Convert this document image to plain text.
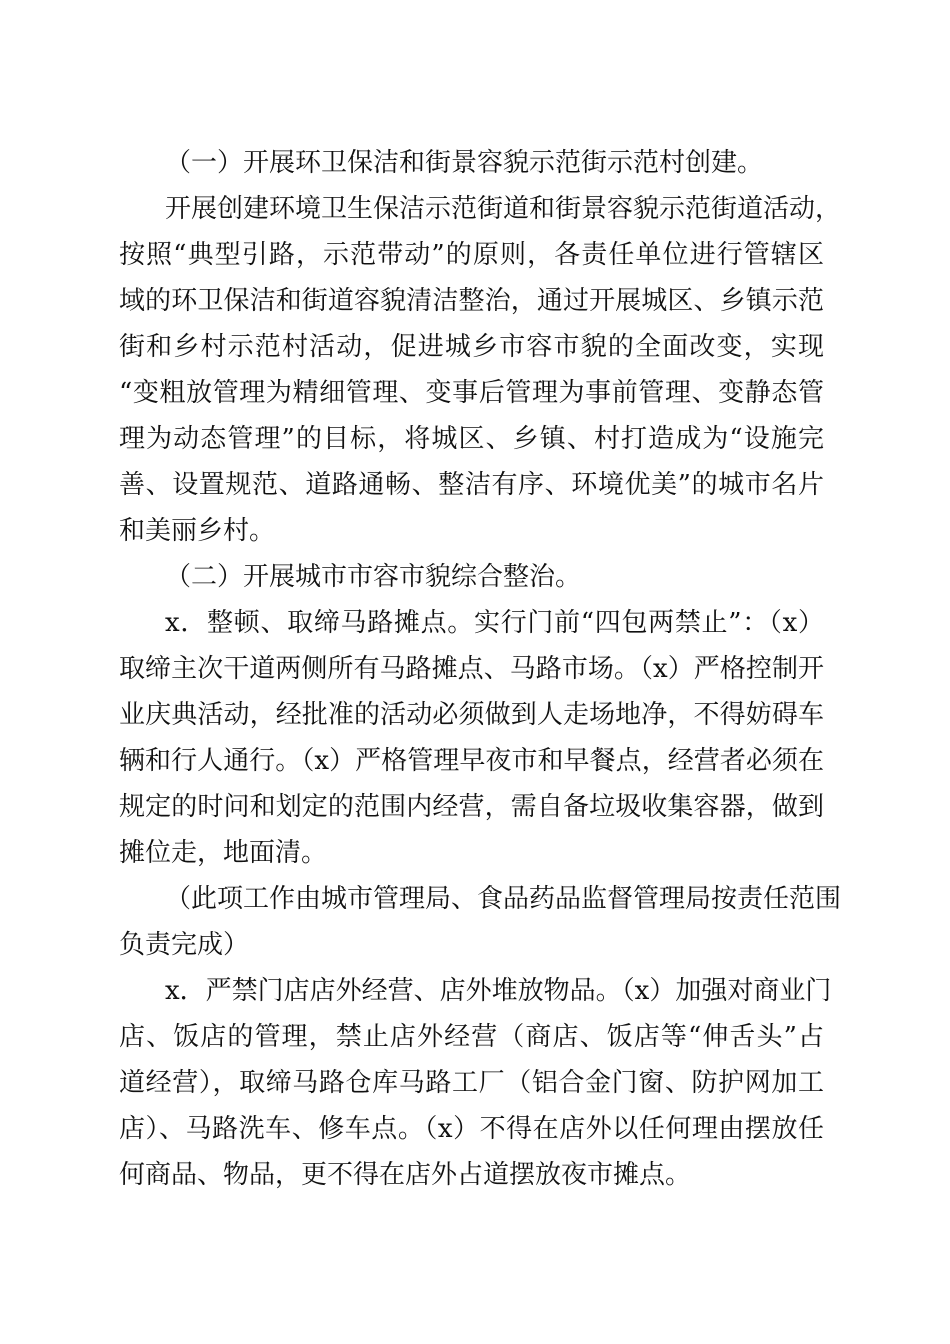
（一）开展环卫保洁和街景容貌示范街示范村创建。
开展创建环境卫生保洁示范街道和街景容貌示范街道活动，
按照“典型引路，示范带动”的原则，各责任单位进行管辖区
域的环卫保洁和街道容貌清洁整治，通过开展城区、乡镇示范
街和乡村示范村活动，促进城乡市容市貌的全面改变，实现
“变粗放管理为精细管理、变事后管理为事前管理、变静态管
理为动态管理”的目标，将城区、乡镇、村打造成为“设施完
善、设置规范、道路通畅、整洁有序、环境优美”的城市名片
和美丽乡村。
（二）开展城市市容市貌综合整治。
x．整顿、取缔马路摊点。实行门前“四包两禁止”：（x）
取缔主次干道两侧所有马路摊点、马路市场。（x）严格控制开
业庆典活动，经批准的活动必须做到人走场地净，不得妨碍车
辆和行人通行。（x）严格管理早夜市和早餐点，经营者必须在
规定的时问和划定的范围内经营，需自备垃圾收集容器，做到
摊位走，地面清。
（此项工作由城市管理局、食品药品监督管理局按责任范围
负责完成）
x．严禁门店店外经营、店外堆放物品。（x）加强对商业门
店、饭店的管理，禁止店外经营（商店、饭店等“伸舌头”占
道经营），取缔马路仓库马路工厂（铝合金门窗、防护网加工
店）、马路洗车、修车点。（x）不得在店外以任何理由摆放任
何商品、物品，更不得在店外占道摆放夜市摊点。
